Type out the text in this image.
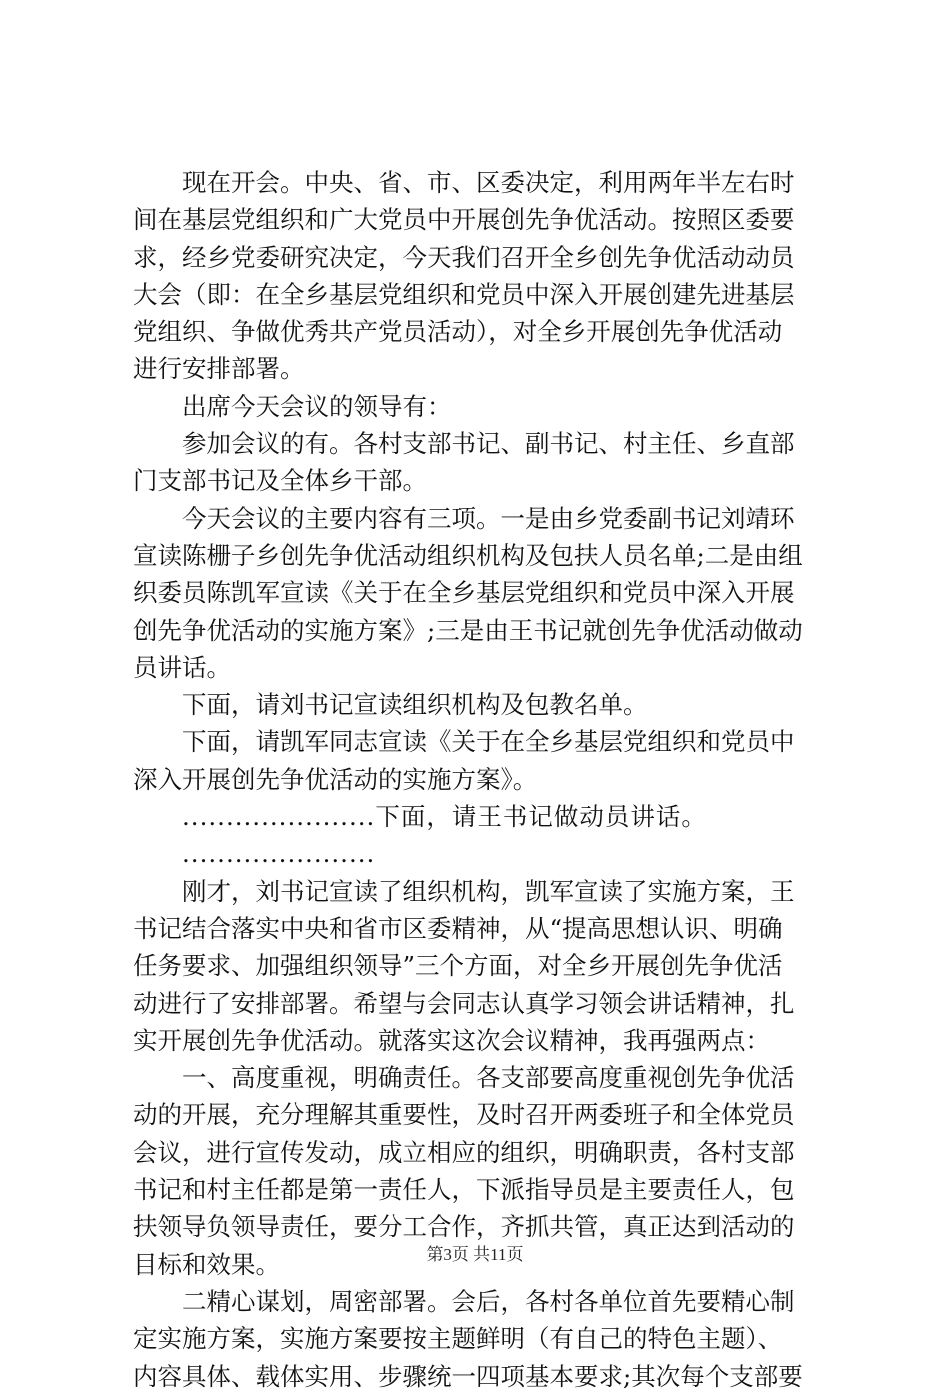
现在开会。中央、省、市、区委决定，利用两年半左右时
间在基层党组织和广大党员中开展创先争优活动。按照区委要
求，经乡党委研究决定，今天我们召开全乡创先争优活动动员
大会（即：在全乡基层党组织和党员中深入开展创建先进基层
党组织、争做优秀共产党员活动），对全乡开展创先争优活动
进行安排部署。
出席今天会议的领导有：
参加会议的有。各村支部书记、副书记、村主任、乡直部
门支部书记及全体乡干部。
今天会议的主要内容有三项。一是由乡党委副书记刘靖环
宣读陈栅子乡创先争优活动组织机构及包扶人员名单;二是由组
织委员陈凯军宣读《关于在全乡基层党组织和党员中深入开展
创先争优活动的实施方案》;三是由王书记就创先争优活动做动
员讲话。
下面，请刘书记宣读组织机构及包教名单。
下面，请凯军同志宣读《关于在全乡基层党组织和党员中
深入开展创先争优活动的实施方案》。
......................下面，请王书记做动员讲话。
......................
刚才，刘书记宣读了组织机构，凯军宣读了实施方案，王
书记结合落实中央和省市区委精神，从“提高思想认识、明确
任务要求、加强组织领导”三个方面，对全乡开展创先争优活
动进行了安排部署。希望与会同志认真学习领会讲话精神，扎
实开展创先争优活动。就落实这次会议精神，我再强两点：
一、高度重视，明确责任。各支部要高度重视创先争优活
动的开展，充分理解其重要性，及时召开两委班子和全体党员
会议，进行宣传发动，成立相应的组织，明确职责，各村支部
书记和村主任都是第一责任人，下派指导员是主要责任人，包
扶领导负领导责任，要分工合作，齐抓共管，真正达到活动的
目标和效果。
二精心谋划，周密部署。会后，各村各单位首先要精心制
定实施方案，实施方案要按主题鲜明（有自己的特色主题）、
内容具体、载体实用、步骤统一四项基本要求;其次每个支部要
第3页 共11页
